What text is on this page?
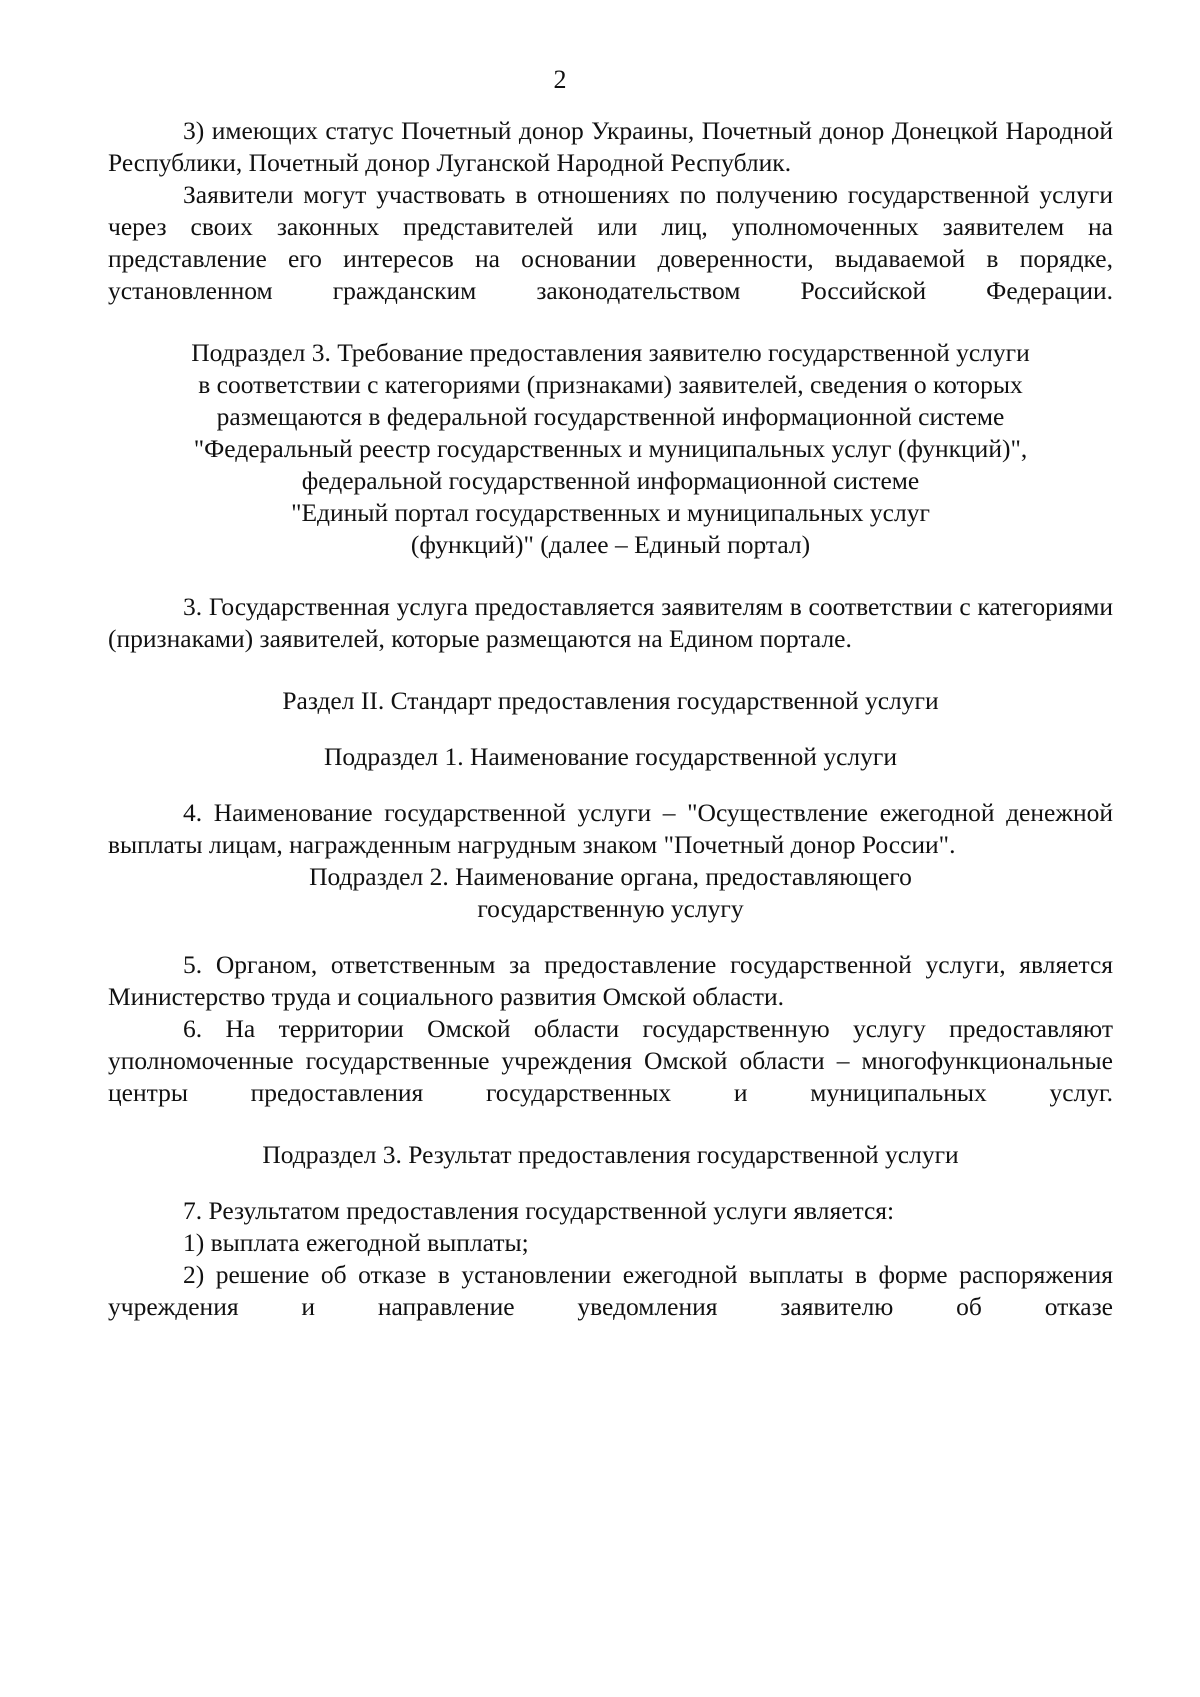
2

3) имеющих статус Почетный донор Украины, Почетный донор Донецкой Народной Республики, Почетный донор Луганской Народной Республик.

Заявители могут участвовать в отношениях по получению государственной услуги через своих законных представителей или лиц, уполномоченных заявителем на представление его интересов на основании доверенности, выдаваемой в порядке, установленном гражданским законодательством Российской Федерации.

Подраздел 3. Требование предоставления заявителю государственной услуги

в соответствии с категориями (признаками) заявителей, сведения о которых

размещаются в федеральной государственной информационной системе

"Федеральный реестр государственных и муниципальных услуг (функций)",

федеральной государственной информационной системе

"Единый портал государственных и муниципальных услуг

(функций)" (далее – Единый портал)

3. Государственная услуга предоставляется заявителям в соответствии с категориями (признаками) заявителей, которые размещаются на Едином портале.

Раздел II. Стандарт предоставления государственной услуги

Подраздел 1. Наименование государственной услуги

4. Наименование государственной услуги – "Осуществление ежегодной денежной выплаты лицам, награжденным нагрудным знаком "Почетный донор России".

Подраздел 2. Наименование органа, предоставляющего

государственную услугу

5. Органом, ответственным за предоставление государственной услуги, является Министерство труда и социального развития Омской области.

6. На территории Омской области государственную услугу предоставляют уполномоченные государственные учреждения Омской области – многофункциональные центры предоставления государственных и муниципальных услуг.

Подраздел 3. Результат предоставления государственной услуги

7. Результатом предоставления государственной услуги является:

1) выплата ежегодной выплаты;

2) решение об отказе в установлении ежегодной выплаты в форме распоряжения учреждения и направление уведомления заявителю об отказе
